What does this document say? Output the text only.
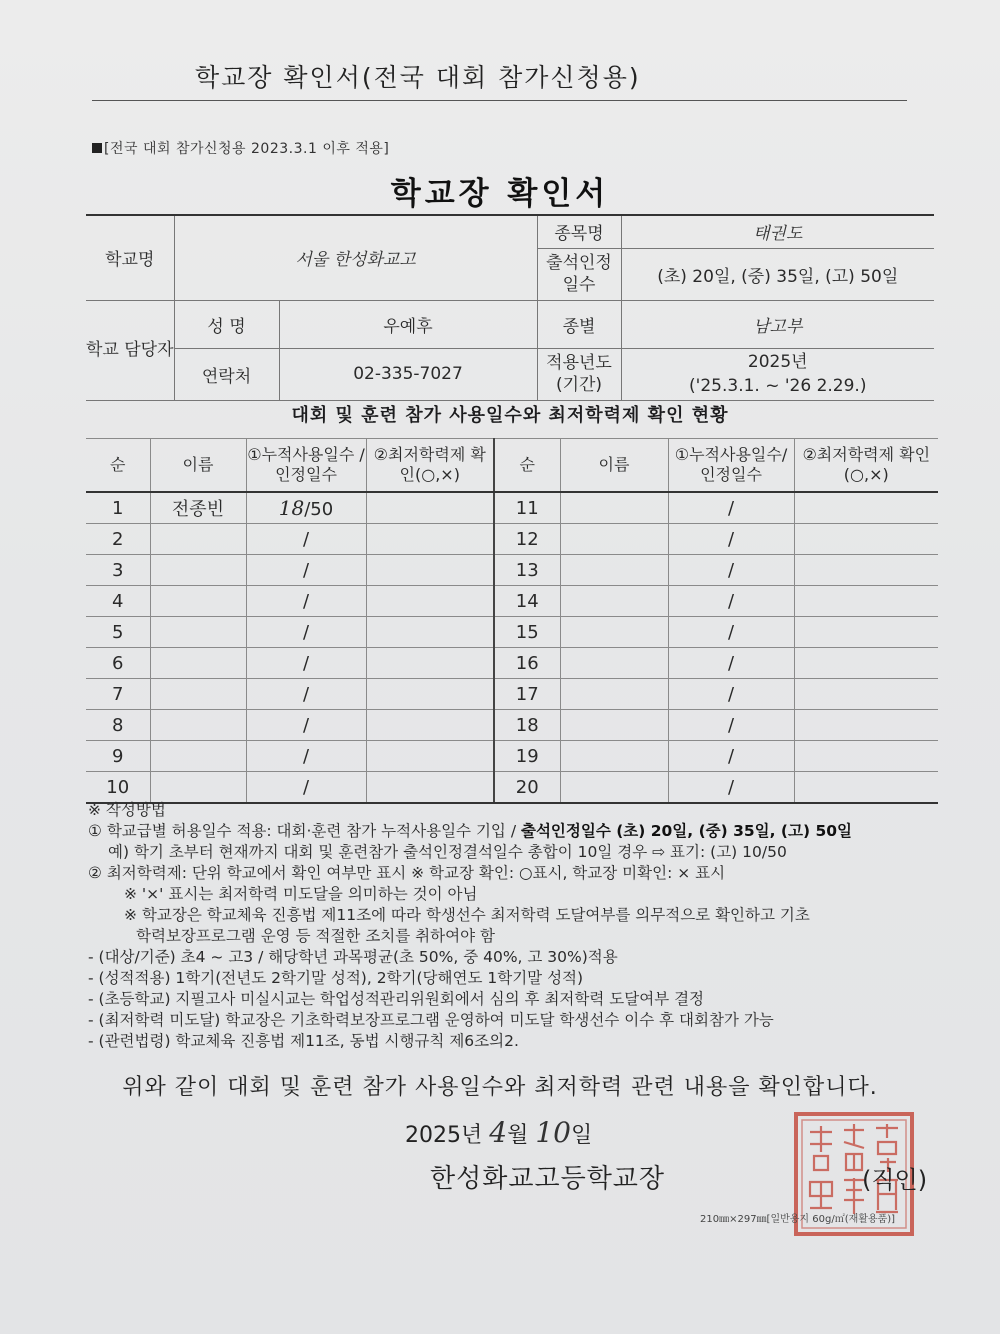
학교장 확인서(전국 대회 참가신청용)
[전국 대회 참가신청용 2023.3.1 이후 적용]
학교장 확인서
학교명	서울 한성화교고		종목명	태권도
			출석인정 일수	(초) 20일, (중) 35일, (고) 50일
학교 담당자	성 명	우예후	종별	남고부
	연락처	02-335-7027	적용년도 (기간)	2025년
('25.3.1. ~ '26 2.29.)
대회 및 훈련 참가 사용일수와 최저학력제 확인 현황
순	이름	①누적사용일수 /인정일수	②최저학력제 확인(○,×)	순	이름	①누적사용일수/ 인정일수	②최저학력제 확인(○,×)
1	전종빈	18/50		11		/	
2		/		12		/	
3		/		13		/	
4		/		14		/	
5		/		15		/	
6		/		16		/	
7		/		17		/	
8		/		18		/	
9		/		19		/	
10		/		20		/	
※ 작성방법
① 학교급별 허용일수 적용: 대회·훈련 참가 누적사용일수 기입 / 출석인정일수 (초) 20일, (중) 35일, (고) 50일
예) 학기 초부터 현재까지 대회 및 훈련참가 출석인정결석일수 총합이 10일 경우 ⇨ 표기: (고) 10/50
② 최저학력제: 단위 학교에서 확인 여부만 표시 ※ 학교장 확인: ○표시, 학교장 미확인: × 표시
※ '×' 표시는 최저학력 미도달을 의미하는 것이 아님
※ 학교장은 학교체육 진흥법 제11조에 따라 학생선수 최저학력 도달여부를 의무적으로 확인하고 기초
학력보장프로그램 운영 등 적절한 조치를 취하여야 함
- (대상/기준) 초4 ~ 고3 / 해당학년 과목평균(초 50%, 중 40%, 고 30%)적용
- (성적적용) 1학기(전년도 2학기말 성적), 2학기(당해연도 1학기말 성적)
- (초등학교) 지필고사 미실시교는 학업성적관리위원회에서 심의 후 최저학력 도달여부 결정
- (최저학력 미도달) 학교장은 기초학력보장프로그램 운영하여 미도달 학생선수 이수 후 대회참가 가능
- (관련법령) 학교체육 진흥법 제11조, 동법 시행규칙 제6조의2.
위와 같이 대회 및 훈련 참가 사용일수와 최저학력 관련 내용을 확인합니다.
2025년 4월 10일
한성화교고등학교장	(직인)
210㎜×297㎜[일반용지 60g/㎡(재활용품)]
